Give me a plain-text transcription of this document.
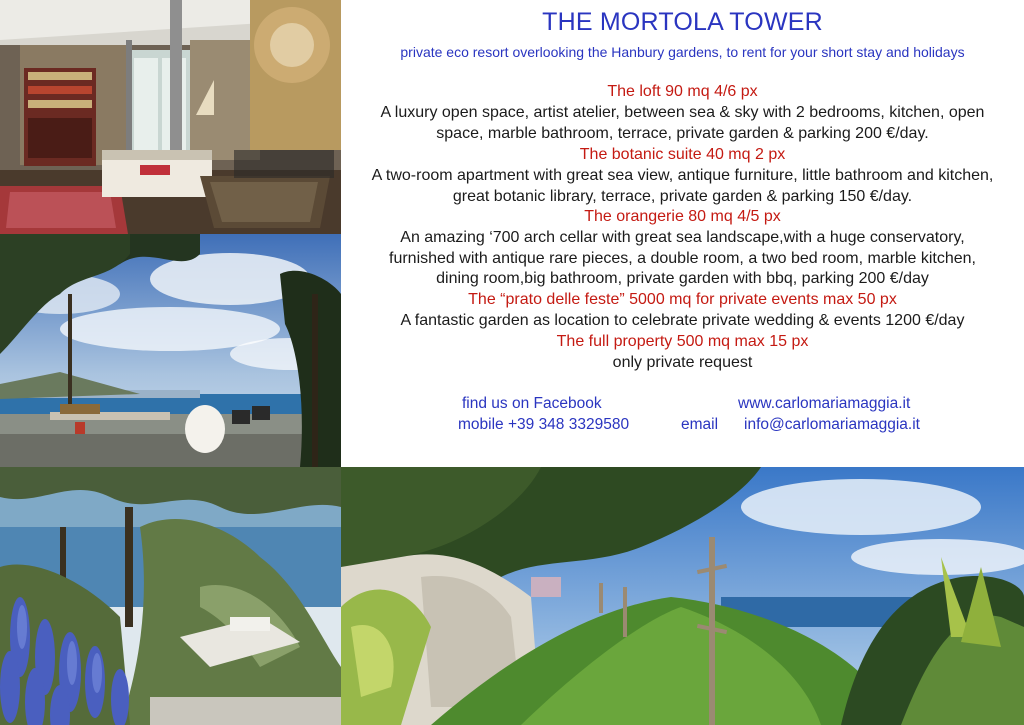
THE MORTOLA TOWER
private eco resort overlooking the Hanbury gardens, to rent for your short stay and holidays
The loft 90 mq 4/6 px
A luxury open space, artist atelier, between sea & sky with 2 bedrooms, kitchen, open
space, marble bathroom, terrace, private garden & parking 200 €/day.
The botanic suite 40 mq 2 px
A two-room apartment with great sea view, antique furniture, little bathroom and kitchen,
great botanic library, terrace, private garden & parking 150 €/day.
The orangerie 80 mq 4/5 px
An amazing ‘700 arch cellar with great sea landscape,with a huge conservatory,
furnished with antique rare pieces, a double room, a two bed room, marble kitchen,
dining room,big bathroom, private garden with bbq, parking 200 €/day
The “prato delle feste” 5000 mq for private events max 50 px
A fantastic garden as location to celebrate private wedding & events 1200 €/day
The full property 500 mq max 15 px
only private request
find us on Facebook	www.carlomariamaggia.it
mobile +39 348 3329580	email info@carlomariamaggia.it
